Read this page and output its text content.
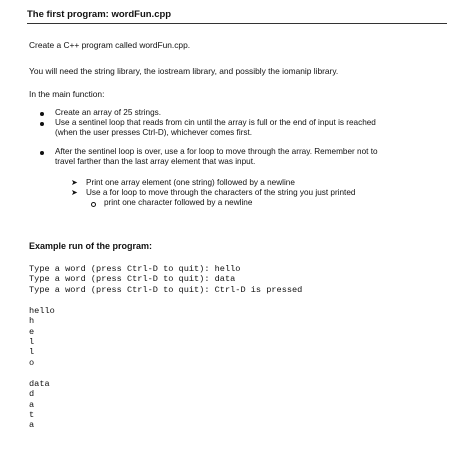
The first program: wordFun.cpp
Create a C++ program called wordFun.cpp.
You will need the string library, the iostream library, and possibly the iomanip library.
In the main function:
Create an array of 25 strings.
Use a sentinel loop that reads from cin until the array is full or the end of input is reached
(when the user presses Ctrl-D), whichever comes first.
After the sentinel loop is over, use a for loop to move through the array. Remember not to
travel farther than the last array element that was input.
➤ Print one array element (one string) followed by a newline
➤ Use a for loop to move through the characters of the string you just printed
print one character followed by a newline
Example run of the program:
Type a word (press Ctrl-D to quit): hello
Type a word (press Ctrl-D to quit): data
Type a word (press Ctrl-D to quit): Ctrl-D is pressed
hello
h
e
l
l
o
data
d
a
t
a
